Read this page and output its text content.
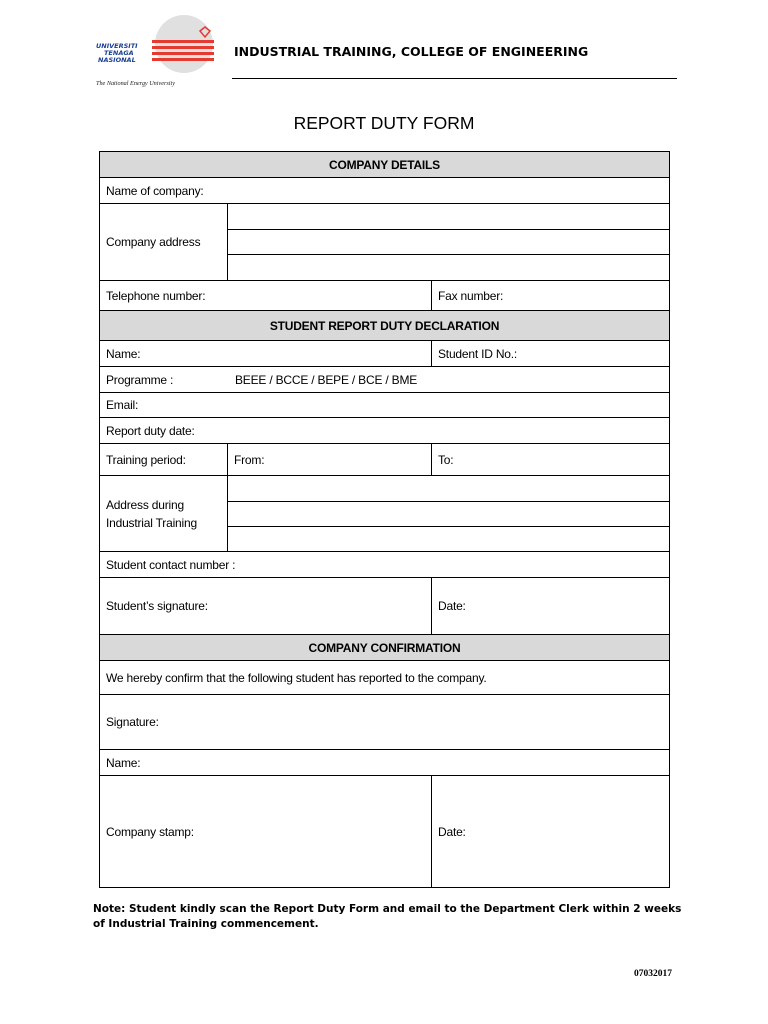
UNIVERSITI
TENAGA
NASIONAL
The National Energy University
INDUSTRIAL TRAINING, COLLEGE OF ENGINEERING
REPORT DUTY FORM
COMPANY DETAILS
Name of company:
Company address
Telephone number:	Fax number:
STUDENT REPORT DUTY DECLARATION
Name:	Student ID No.:
Programme :	BEEE / BCCE / BEPE / BCE / BME
Email:
Report duty date:
Training period:	From:	To:
Address during
Industrial Training
Student contact number :
Student’s signature:	Date:
COMPANY CONFIRMATION
We hereby confirm that the following student has reported to the company.
Signature:
Name:
Company stamp:	Date:
Note: Student kindly scan the Report Duty Form and email to the Department Clerk within 2 weeks of Industrial Training commencement.
07032017
